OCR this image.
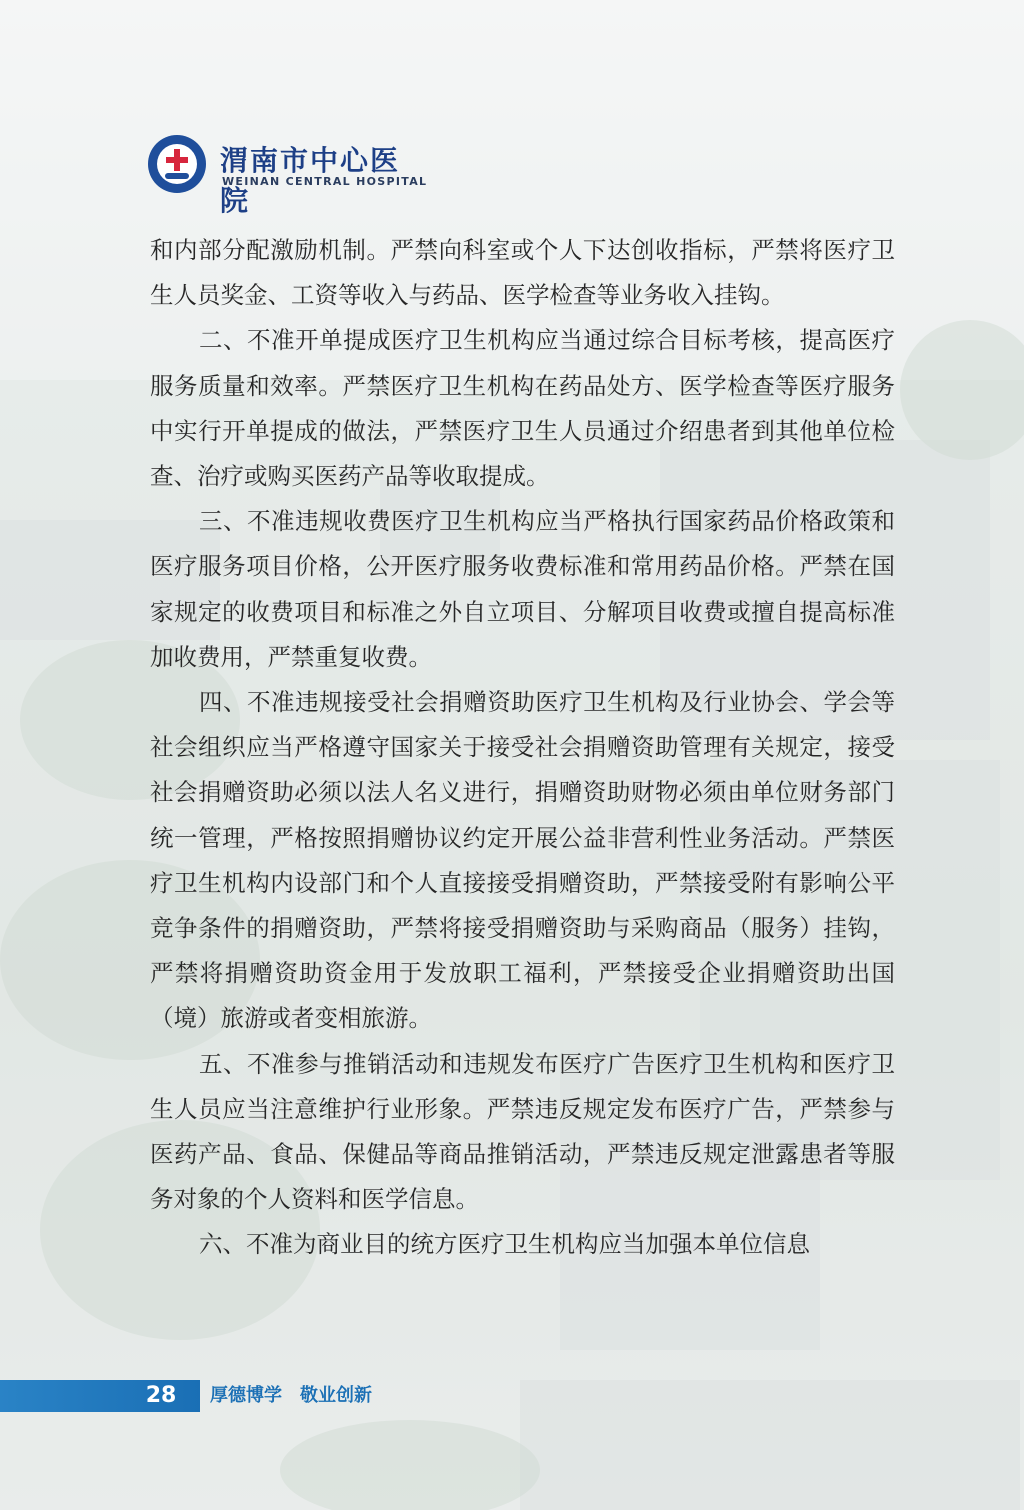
渭南市中心医院
WEINAN CENTRAL HOSPITAL

和内部分配激励机制。严禁向科室或个人下达创收指标，严禁将医疗卫生人员奖金、工资等收入与药品、医学检查等业务收入挂钩。

二、不准开单提成医疗卫生机构应当通过综合目标考核，提高医疗服务质量和效率。严禁医疗卫生机构在药品处方、医学检查等医疗服务中实行开单提成的做法，严禁医疗卫生人员通过介绍患者到其他单位检查、治疗或购买医药产品等收取提成。

三、不准违规收费医疗卫生机构应当严格执行国家药品价格政策和医疗服务项目价格，公开医疗服务收费标准和常用药品价格。严禁在国家规定的收费项目和标准之外自立项目、分解项目收费或擅自提高标准加收费用，严禁重复收费。

四、不准违规接受社会捐赠资助医疗卫生机构及行业协会、学会等社会组织应当严格遵守国家关于接受社会捐赠资助管理有关规定，接受社会捐赠资助必须以法人名义进行，捐赠资助财物必须由单位财务部门统一管理，严格按照捐赠协议约定开展公益非营利性业务活动。严禁医疗卫生机构内设部门和个人直接接受捐赠资助，严禁接受附有影响公平竞争条件的捐赠资助，严禁将接受捐赠资助与采购商品（服务）挂钩，严禁将捐赠资助资金用于发放职工福利，严禁接受企业捐赠资助出国（境）旅游或者变相旅游。

五、不准参与推销活动和违规发布医疗广告医疗卫生机构和医疗卫生人员应当注意维护行业形象。严禁违反规定发布医疗广告，严禁参与医药产品、食品、保健品等商品推销活动，严禁违反规定泄露患者等服务对象的个人资料和医学信息。

六、不准为商业目的统方医疗卫生机构应当加强本单位信息

28	厚德博学　敬业创新
